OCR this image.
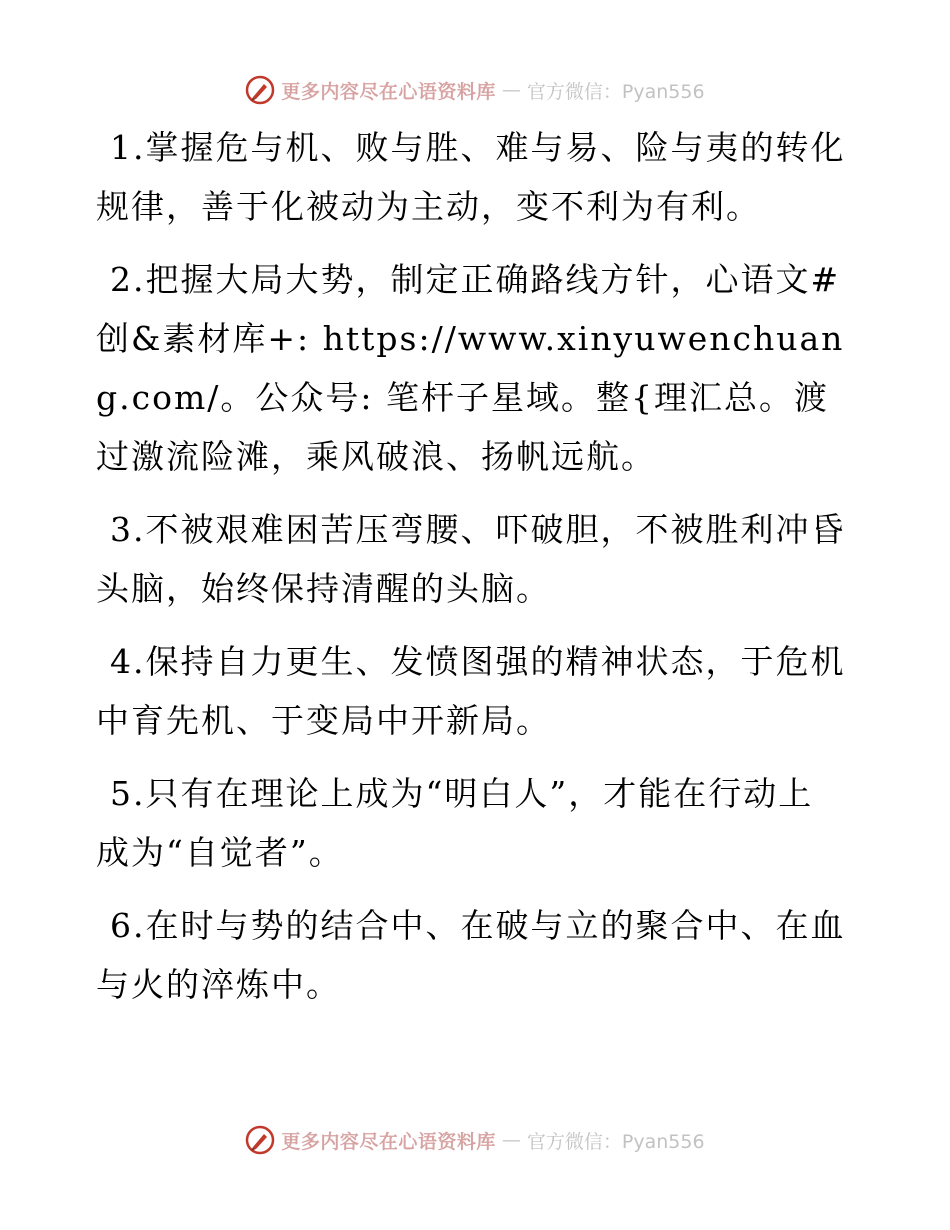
更多内容尽在心语资料库 — 官方微信：Pyan556

1.掌握危与机、败与胜、难与易、险与夷的转化规律，善于化被动为主动，变不利为有利。

2.把握大局大势，制定正确路线方针，心语文#创&素材库+: https://www.xinyuwenchuang.com/。公众号: 笔杆子星域。整{理汇总。渡过激流险滩，乘风破浪、扬帆远航。

3.不被艰难困苦压弯腰、吓破胆，不被胜利冲昏头脑，始终保持清醒的头脑。

4.保持自力更生、发愤图强的精神状态，于危机中育先机、于变局中开新局。

5.只有在理论上成为“明白人”，才能在行动上成为“自觉者”。

6.在时与势的结合中、在破与立的聚合中、在血与火的淬炼中。

更多内容尽在心语资料库 — 官方微信：Pyan556
